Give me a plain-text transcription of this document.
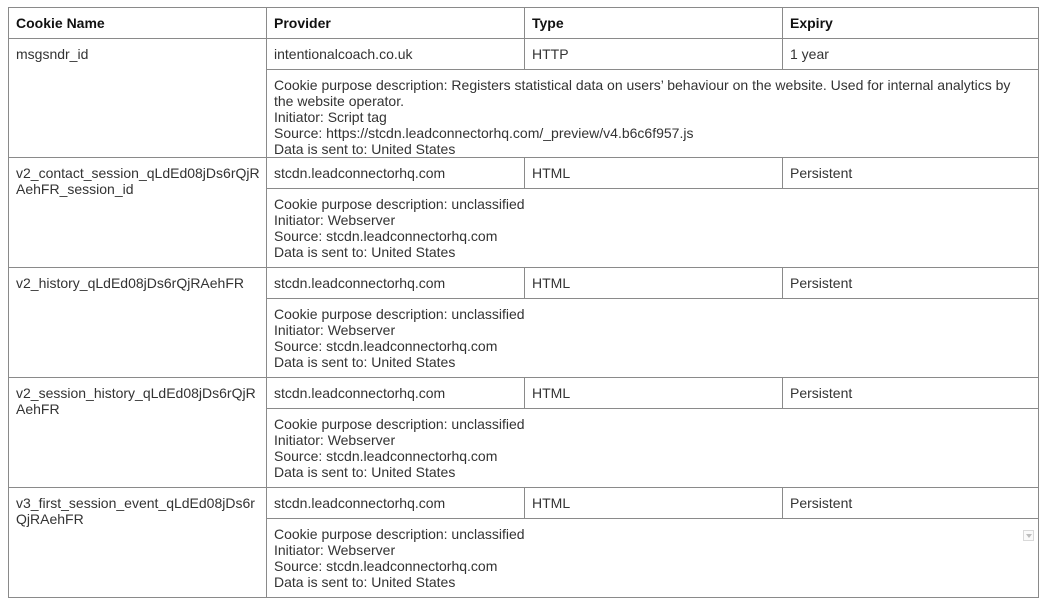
Cookie Name	Provider	Type	Expiry
msgsndr_id	intentionalcoach.co.uk	HTTP	1 year

	Cookie purpose description: Registers statistical data on users’ behaviour on the website. Used for internal analytics by the website operator.
Initiator: Script tag
Source: https://stcdn.leadconnectorhq.com/_preview/v4.b6c6f957.js
Data is sent to: United States		

v2_contact_session_qLdEd08jDs6rQjRAehFR_session_id	stcdn.leadconnectorhq.com	HTML	Persistent

	Cookie purpose description: unclassified
Initiator: Webserver
Source: stcdn.leadconnectorhq.com
Data is sent to: United States		

v2_history_qLdEd08jDs6rQjRAehFR	stcdn.leadconnectorhq.com	HTML	Persistent

	Cookie purpose description: unclassified
Initiator: Webserver
Source: stcdn.leadconnectorhq.com
Data is sent to: United States		

v2_session_history_qLdEd08jDs6rQjRAehFR	stcdn.leadconnectorhq.com	HTML	Persistent

	Cookie purpose description: unclassified
Initiator: Webserver
Source: stcdn.leadconnectorhq.com
Data is sent to: United States		

v3_first_session_event_qLdEd08jDs6rQjRAehFR	stcdn.leadconnectorhq.com	HTML	Persistent

	Cookie purpose description: unclassified
Initiator: Webserver
Source: stcdn.leadconnectorhq.com
Data is sent to: United States		
